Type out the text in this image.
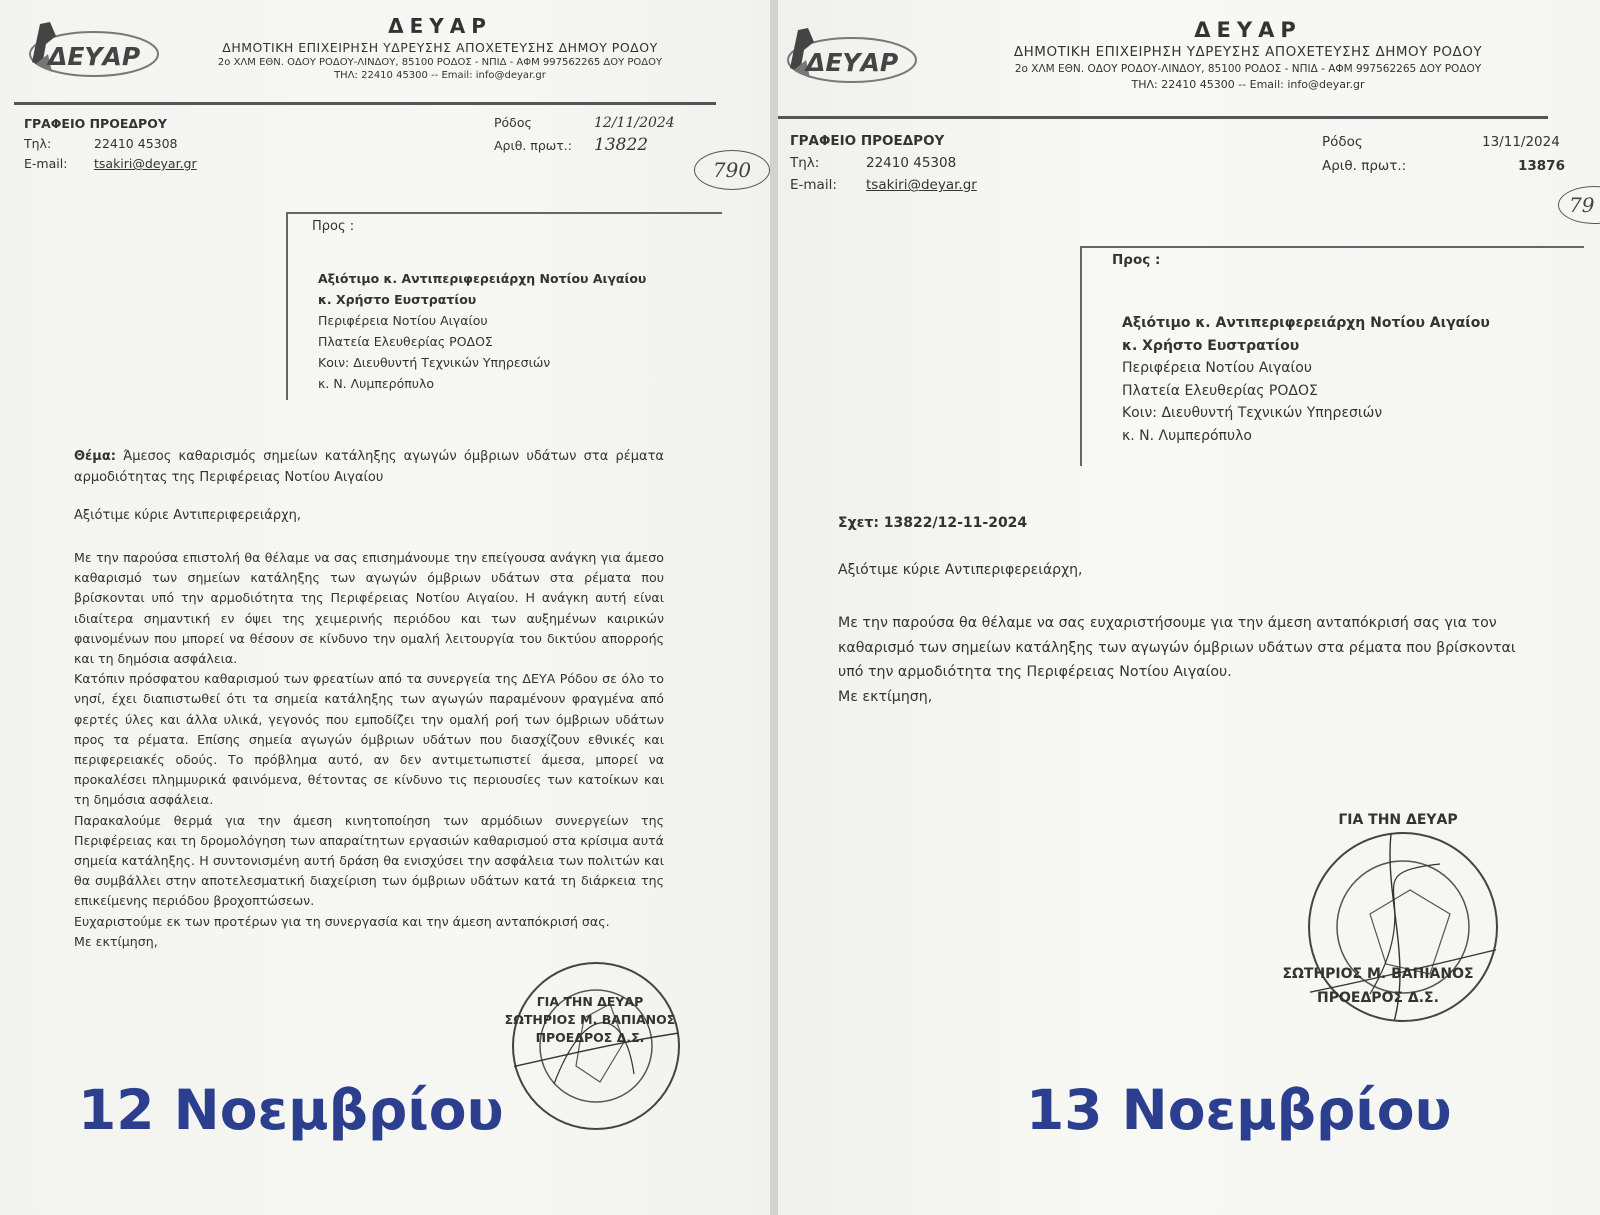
ΔΕΥΑΡ
ΔΕΥΑΡ
ΔΗΜΟΤΙΚΗ ΕΠΙΧΕΙΡΗΣΗ ΥΔΡΕΥΣΗΣ ΑΠΟΧΕΤΕΥΣΗΣ ΔΗΜΟΥ ΡΟΔΟΥ
2ο ΧΛΜ ΕΘΝ. ΟΔΟΥ ΡΟΔΟΥ-ΛΙΝΔΟΥ, 85100 ΡΟΔΟΣ - ΝΠΙΔ - ΑΦΜ 997562265 ΔΟΥ ΡΟΔΟΥ
ΤΗΛ: 22410 45300 -- Email: info@deyar.gr
ΓΡΑΦΕΙΟ ΠΡΟΕΔΡΟΥ
Τηλ:	22410 45308
E-mail: tsakiri@deyar.gr
Ρόδος	12/11/2024
Αριθ. πρωτ.: 13822
790
Προς :
Αξιότιμο κ. Αντιπεριφερειάρχη Νοτίου Αιγαίου
κ. Χρήστο Ευστρατίου
Περιφέρεια Νοτίου Αιγαίου
Πλατεία Ελευθερίας ΡΟΔΟΣ
Κοιν: Διευθυντή Τεχνικών Υπηρεσιών
κ. Ν. Λυμπερόπυλο
Θέμα: Άμεσος καθαρισμός σημείων κατάληξης αγωγών όμβριων υδάτων στα ρέματα αρμοδιότητας της Περιφέρειας Νοτίου Αιγαίου
Αξιότιμε κύριε Αντιπεριφερειάρχη,

Με την παρούσα επιστολή θα θέλαμε να σας επισημάνουμε την επείγουσα ανάγκη για άμεσο καθαρισμό των σημείων κατάληξης των αγωγών όμβριων υδάτων στα ρέματα που βρίσκονται υπό την αρμοδιότητα της Περιφέρειας Νοτίου Αιγαίου. Η ανάγκη αυτή είναι ιδιαίτερα σημαντική εν όψει της χειμερινής περιόδου και των αυξημένων καιρικών φαινομένων που μπορεί να θέσουν σε κίνδυνο την ομαλή λειτουργία του δικτύου απορροής και τη δημόσια ασφάλεια.

Κατόπιν πρόσφατου καθαρισμού των φρεατίων από τα συνεργεία της ΔΕΥΑ Ρόδου σε όλο το νησί, έχει διαπιστωθεί ότι τα σημεία κατάληξης των αγωγών παραμένουν φραγμένα από φερτές ύλες και άλλα υλικά, γεγονός που εμποδίζει την ομαλή ροή των όμβριων υδάτων προς τα ρέματα. Επίσης σημεία αγωγών όμβριων υδάτων που διασχίζουν εθνικές και περιφερειακές οδούς. Το πρόβλημα αυτό, αν δεν αντιμετωπιστεί άμεσα, μπορεί να προκαλέσει πλημμυρικά φαινόμενα, θέτοντας σε κίνδυνο τις περιουσίες των κατοίκων και τη δημόσια ασφάλεια.

Παρακαλούμε θερμά για την άμεση κινητοποίηση των αρμόδιων συνεργείων της Περιφέρειας και τη δρομολόγηση των απαραίτητων εργασιών καθαρισμού στα κρίσιμα αυτά σημεία κατάληξης. Η συντονισμένη αυτή δράση θα ενισχύσει την ασφάλεια των πολιτών και θα συμβάλλει στην αποτελεσματική διαχείριση των όμβριων υδάτων κατά τη διάρκεια της επικείμενης περιόδου βροχοπτώσεων.

Ευχαριστούμε εκ των προτέρων για τη συνεργασία και την άμεση ανταπόκρισή σας.

Με εκτίμηση,

ΓΙΑ ΤΗΝ ΔΕΥΑΡ
ΣΩΤΗΡΙΟΣ Μ. ΒΑΠΙΑΝΟΣ
ΠΡΟΕΔΡΟΣ Δ.Σ.
12 Νοεμβρίου
ΔΕΥΑΡ
ΔΕΥΑΡ
ΔΗΜΟΤΙΚΗ ΕΠΙΧΕΙΡΗΣΗ ΥΔΡΕΥΣΗΣ ΑΠΟΧΕΤΕΥΣΗΣ ΔΗΜΟΥ ΡΟΔΟΥ
2ο ΧΛΜ ΕΘΝ. ΟΔΟΥ ΡΟΔΟΥ-ΛΙΝΔΟΥ, 85100 ΡΟΔΟΣ - ΝΠΙΔ - ΑΦΜ 997562265 ΔΟΥ ΡΟΔΟΥ
ΤΗΛ: 22410 45300 -- Email: info@deyar.gr
ΓΡΑΦΕΙΟ ΠΡΟΕΔΡΟΥ
Τηλ:	22410 45308
E-mail: tsakiri@deyar.gr
Ρόδος	13/11/2024
Αριθ. πρωτ.:	13876
79
Προς :
Αξιότιμο κ. Αντιπεριφερειάρχη Νοτίου Αιγαίου
κ. Χρήστο Ευστρατίου
Περιφέρεια Νοτίου Αιγαίου
Πλατεία Ελευθερίας ΡΟΔΟΣ
Κοιν: Διευθυντή Τεχνικών Υπηρεσιών
κ. Ν. Λυμπερόπυλο
Σχετ: 13822/12-11-2024
Αξιότιμε κύριε Αντιπεριφερειάρχη,

Με την παρούσα θα θέλαμε να σας ευχαριστήσουμε για την άμεση ανταπόκρισή σας για τον καθαρισμό των σημείων κατάληξης των αγωγών όμβριων υδάτων στα ρέματα που βρίσκονται υπό την αρμοδιότητα της Περιφέρειας Νοτίου Αιγαίου.

Με εκτίμηση,

ΓΙΑ ΤΗΝ ΔΕΥΑΡ
ΣΩΤΗΡΙΟΣ Μ. ΒΑΠΙΑΝΟΣ
ΠΡΟΕΔΡΟΣ Δ.Σ.
13 Νοεμβρίου
